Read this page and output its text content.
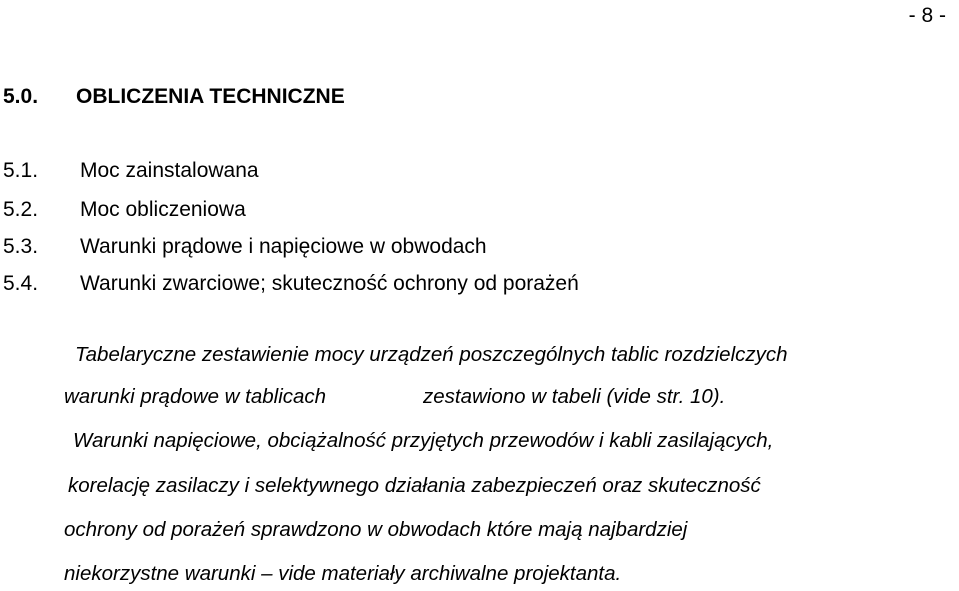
- 8 -
5.0. OBLICZENIA TECHNICZNE
5.1. Moc zainstalowana
5.2. Moc obliczeniowa
5.3. Warunki prądowe i napięciowe w obwodach
5.4. Warunki zwarciowe; skuteczność ochrony od porażeń
Tabelaryczne zestawienie mocy urządzeń poszczególnych tablic rozdzielczych
warunki prądowe w tablicach	zestawiono w tabeli (vide str. 10).
Warunki napięciowe, obciążalność przyjętych przewodów i kabli zasilających,
korelację zasilaczy i selektywnego działania zabezpieczeń oraz skuteczność
ochrony od porażeń sprawdzono w obwodach które mają najbardziej
niekorzystne warunki – vide materiały archiwalne projektanta.
